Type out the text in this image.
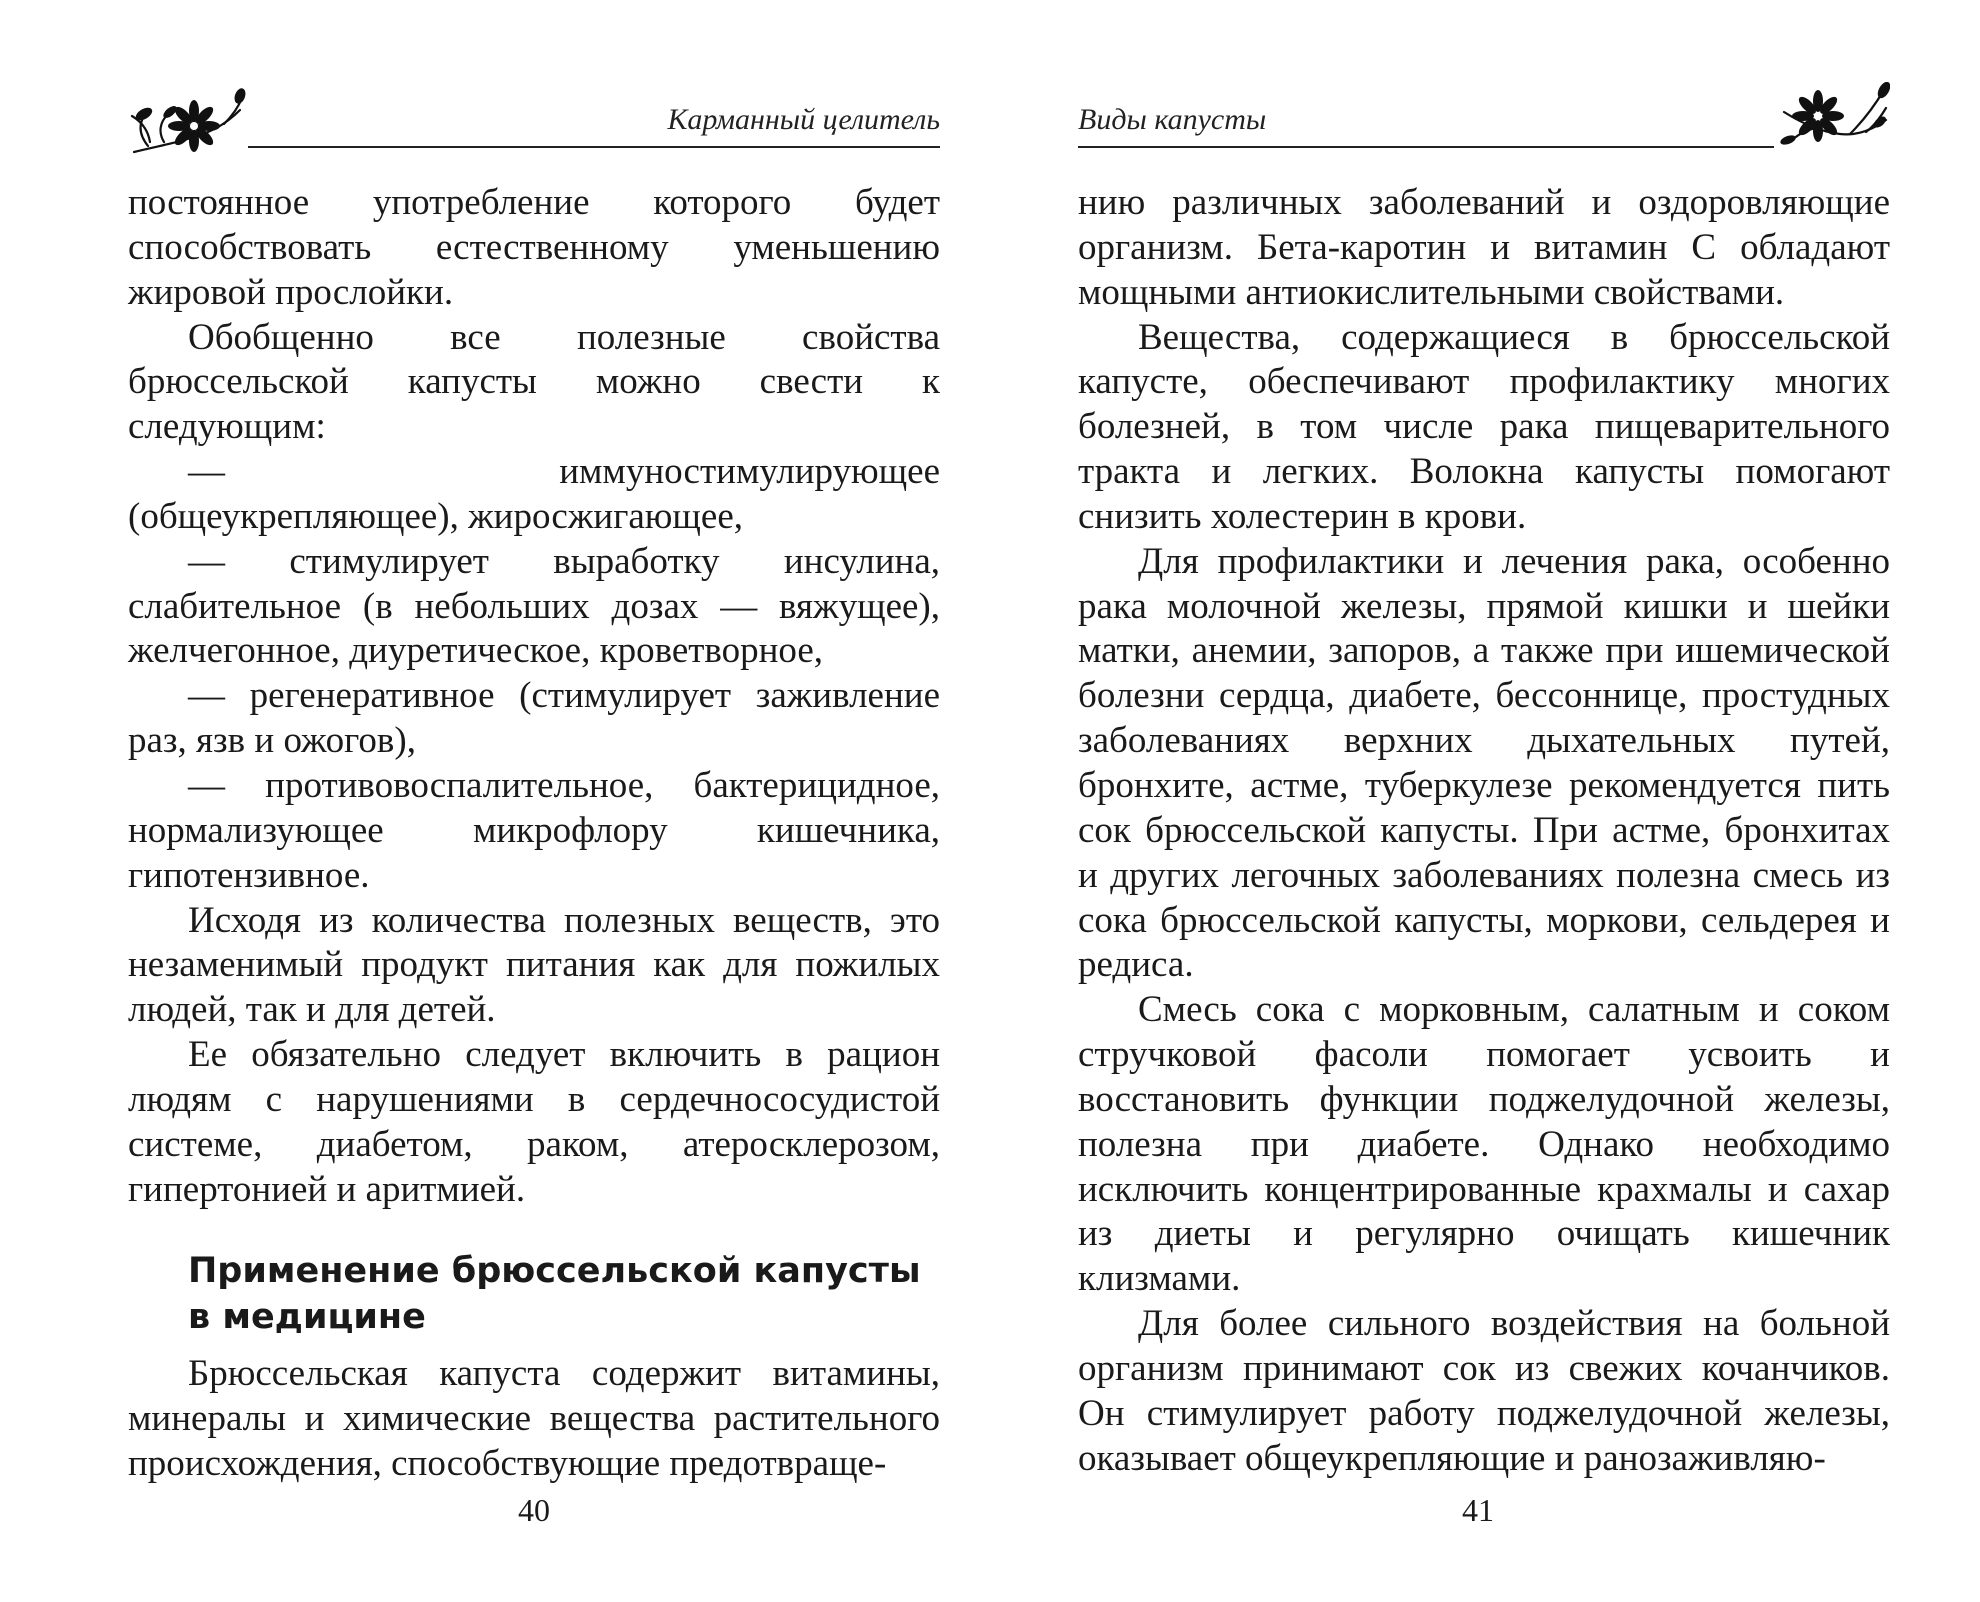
Карманный целитель

постоянное употребление которого будет способствовать естественному уменьшению жировой прослойки.

Обобщенно все полезные свойства брюссельской капусты можно свести к следующим:

— иммуностимулирующее (общеукрепляющее), жиросжигающее,

— стимулирует выработку инсулина, слабительное (в небольших дозах — вяжущее), желчегонное, диуретическое, кроветворное,

— регенеративное (стимулирует заживление раз, язв и ожогов),

— противовоспалительное, бактерицидное, нормализующее микрофлору кишечника, гипотензивное.

Исходя из количества полезных веществ, это незаменимый продукт питания как для пожилых людей, так и для детей.

Ее обязательно следует включить в рацион людям с нарушениями в сердечнососудистой системе, диабетом, раком, атеросклерозом, гипертонией и аритмией.

Применение брюссельской капусты в медицине

Брюссельская капуста содержит витамины, минералы и химические вещества растительного происхождения, способствующие предотвраще-

40
Виды капусты

нию различных заболеваний и оздоровляющие организм. Бета-каротин и витамин С обладают мощными антиокислительными свойствами.

Вещества, содержащиеся в брюссельской капусте, обеспечивают профилактику многих болезней, в том числе рака пищеварительного тракта и легких. Волокна капусты помогают снизить холестерин в крови.

Для профилактики и лечения рака, особенно рака молочной железы, прямой кишки и шейки матки, анемии, запоров, а также при ишемической болезни сердца, диабете, бессоннице, простудных заболеваниях верхних дыхательных путей, бронхите, астме, туберкулезе рекомендуется пить сок брюссельской капусты. При астме, бронхитах и других легочных заболеваниях полезна смесь из сока брюссельской капусты, моркови, сельдерея и редиса.

Смесь сока с морковным, салатным и соком стручковой фасоли помогает усвоить и восстановить функции поджелудочной железы, полезна при диабете. Однако необходимо исключить концентрированные крахмалы и сахар из диеты и регулярно очищать кишечник клизмами.

Для более сильного воздействия на больной организм принимают сок из свежих кочанчиков. Он стимулирует работу поджелудочной железы, оказывает общеукрепляющие и ранозаживляю-

41
